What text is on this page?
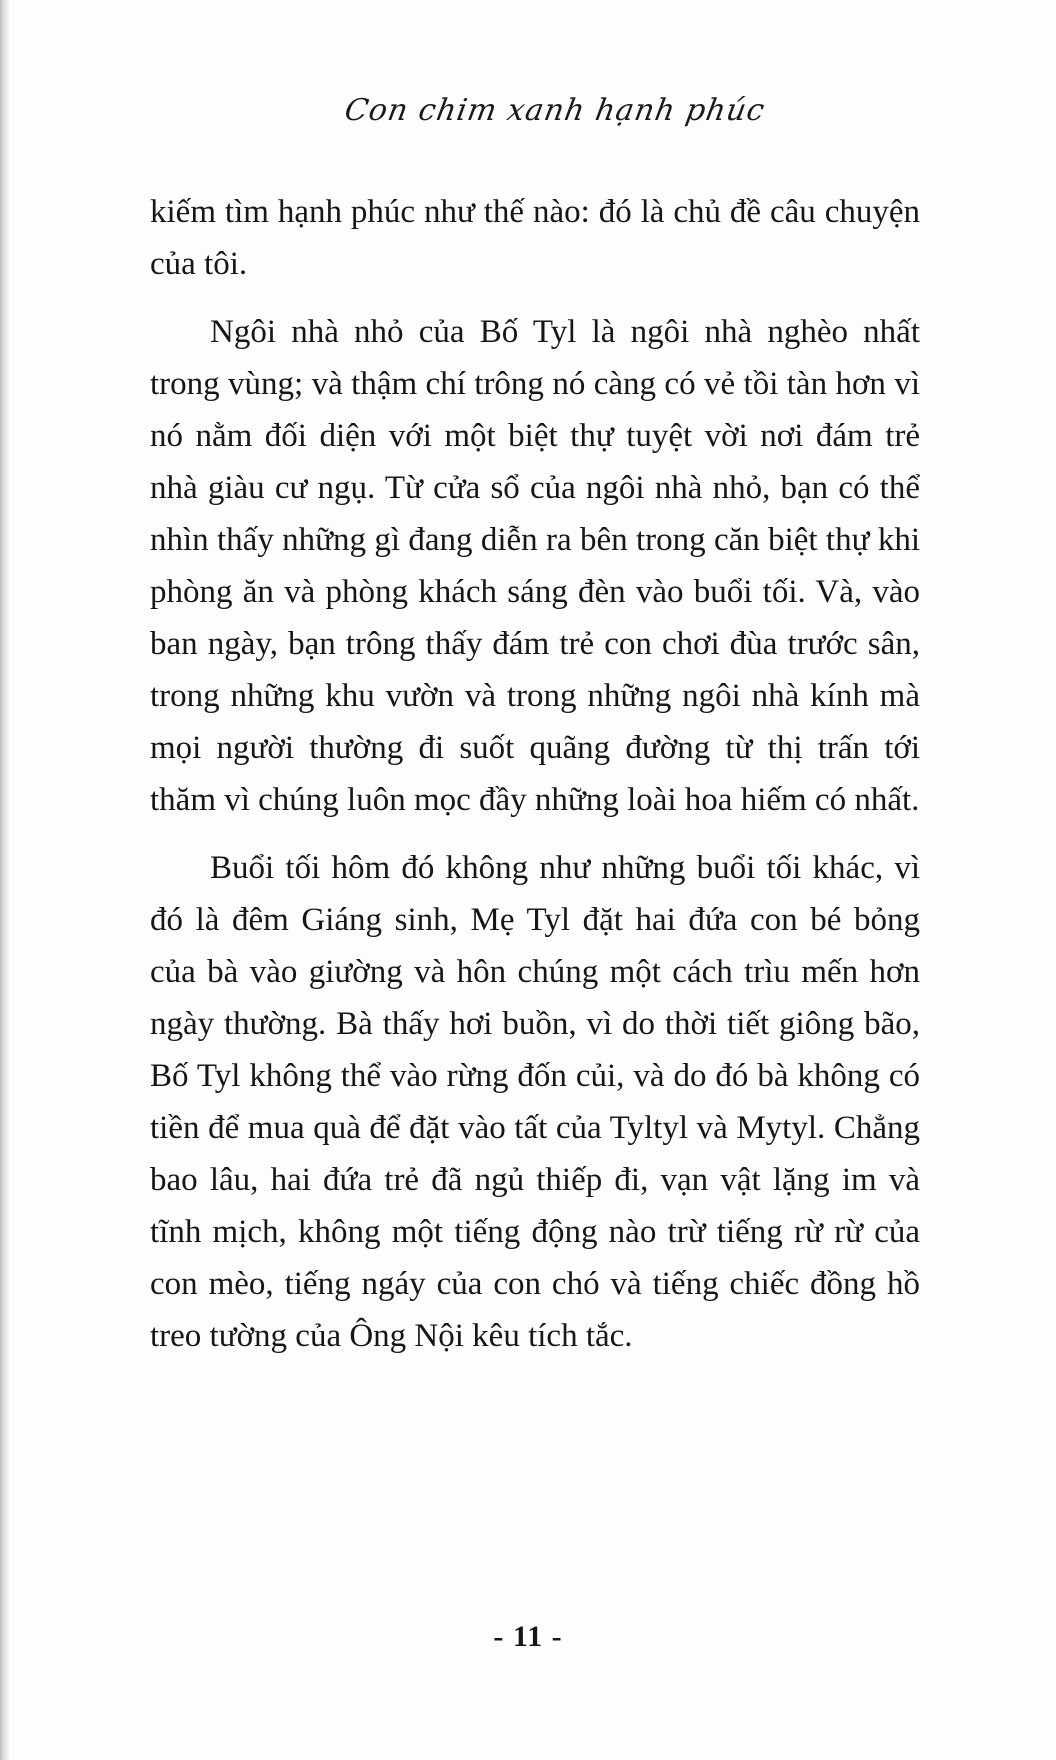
Con chim xanh hạnh phúc

kiếm tìm hạnh phúc như thế nào: đó là chủ đề câu chuyện của tôi.

Ngôi nhà nhỏ của Bố Tyl là ngôi nhà nghèo nhất trong vùng; và thậm chí trông nó càng có vẻ tồi tàn hơn vì nó nằm đối diện với một biệt thự tuyệt vời nơi đám trẻ nhà giàu cư ngụ. Từ cửa sổ của ngôi nhà nhỏ, bạn có thể nhìn thấy những gì đang diễn ra bên trong căn biệt thự khi phòng ăn và phòng khách sáng đèn vào buổi tối. Và, vào ban ngày, bạn trông thấy đám trẻ con chơi đùa trước sân, trong những khu vườn và trong những ngôi nhà kính mà mọi người thường đi suốt quãng đường từ thị trấn tới thăm vì chúng luôn mọc đầy những loài hoa hiếm có nhất.

Buổi tối hôm đó không như những buổi tối khác, vì đó là đêm Giáng sinh, Mẹ Tyl đặt hai đứa con bé bỏng của bà vào giường và hôn chúng một cách trìu mến hơn ngày thường. Bà thấy hơi buồn, vì do thời tiết giông bão, Bố Tyl không thể vào rừng đốn củi, và do đó bà không có tiền để mua quà để đặt vào tất của Tyltyl và Mytyl. Chẳng bao lâu, hai đứa trẻ đã ngủ thiếp đi, vạn vật lặng im và tĩnh mịch, không một tiếng động nào trừ tiếng rừ rừ của con mèo, tiếng ngáy của con chó và tiếng chiếc đồng hồ treo tường của Ông Nội kêu tích tắc.

- 11 -
